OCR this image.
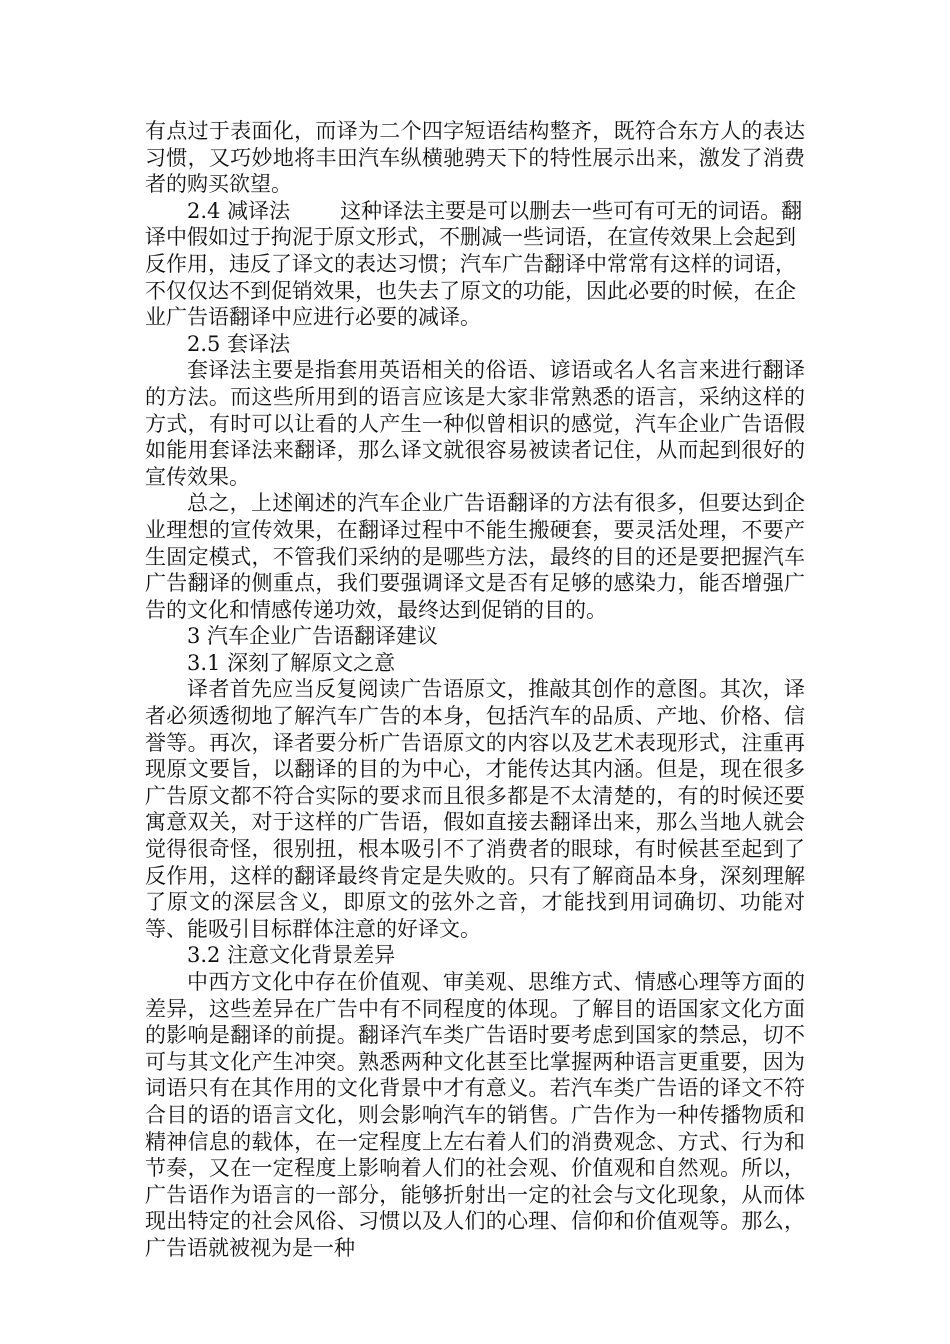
有点过于表面化，而译为二个四字短语结构整齐，既符合东方人的表达习惯，又巧妙地将丰田汽车纵横驰骋天下的特性展示出来，激发了消费者的购买欲望。

2.4 减译法 这种译法主要是可以删去一些可有可无的词语。翻译中假如过于拘泥于原文形式，不删减一些词语，在宣传效果上会起到反作用，违反了译文的表达习惯；汽车广告翻译中常常有这样的词语，不仅仅达不到促销效果，也失去了原文的功能，因此必要的时候，在企业广告语翻译中应进行必要的减译。

2.5 套译法

套译法主要是指套用英语相关的俗语、谚语或名人名言来进行翻译的方法。而这些所用到的语言应该是大家非常熟悉的语言，采纳这样的方式，有时可以让看的人产生一种似曾相识的感觉，汽车企业广告语假如能用套译法来翻译，那么译文就很容易被读者记住，从而起到很好的宣传效果。

总之，上述阐述的汽车企业广告语翻译的方法有很多，但要达到企业理想的宣传效果，在翻译过程中不能生搬硬套，要灵活处理，不要产生固定模式，不管我们采纳的是哪些方法，最终的目的还是要把握汽车广告翻译的侧重点，我们要强调译文是否有足够的感染力，能否增强广告的文化和情感传递功效，最终达到促销的目的。

3 汽车企业广告语翻译建议

3.1 深刻了解原文之意

译者首先应当反复阅读广告语原文，推敲其创作的意图。其次，译者必须透彻地了解汽车广告的本身，包括汽车的品质、产地、价格、信誉等。再次，译者要分析广告语原文的内容以及艺术表现形式，注重再现原文要旨，以翻译的目的为中心，才能传达其内涵。但是，现在很多广告原文都不符合实际的要求而且很多都是不太清楚的，有的时候还要寓意双关，对于这样的广告语，假如直接去翻译出来，那么当地人就会觉得很奇怪，很别扭，根本吸引不了消费者的眼球，有时候甚至起到了反作用，这样的翻译最终肯定是失败的。只有了解商品本身，深刻理解了原文的深层含义，即原文的弦外之音，才能找到用词确切、功能对等、能吸引目标群体注意的好译文。

3.2 注意文化背景差异

中西方文化中存在价值观、审美观、思维方式、情感心理等方面的差异，这些差异在广告中有不同程度的体现。了解目的语国家文化方面的影响是翻译的前提。翻译汽车类广告语时要考虑到国家的禁忌，切不可与其文化产生冲突。熟悉两种文化甚至比掌握两种语言更重要，因为词语只有在其作用的文化背景中才有意义。若汽车类广告语的译文不符合目的语的语言文化，则会影响汽车的销售。广告作为一种传播物质和精神信息的载体，在一定程度上左右着人们的消费观念、方式、行为和节奏，又在一定程度上影响着人们的社会观、价值观和自然观。所以，广告语作为语言的一部分，能够折射出一定的社会与文化现象，从而体现出特定的社会风俗、习惯以及人们的心理、信仰和价值观等。那么，广告语就被视为是一种
